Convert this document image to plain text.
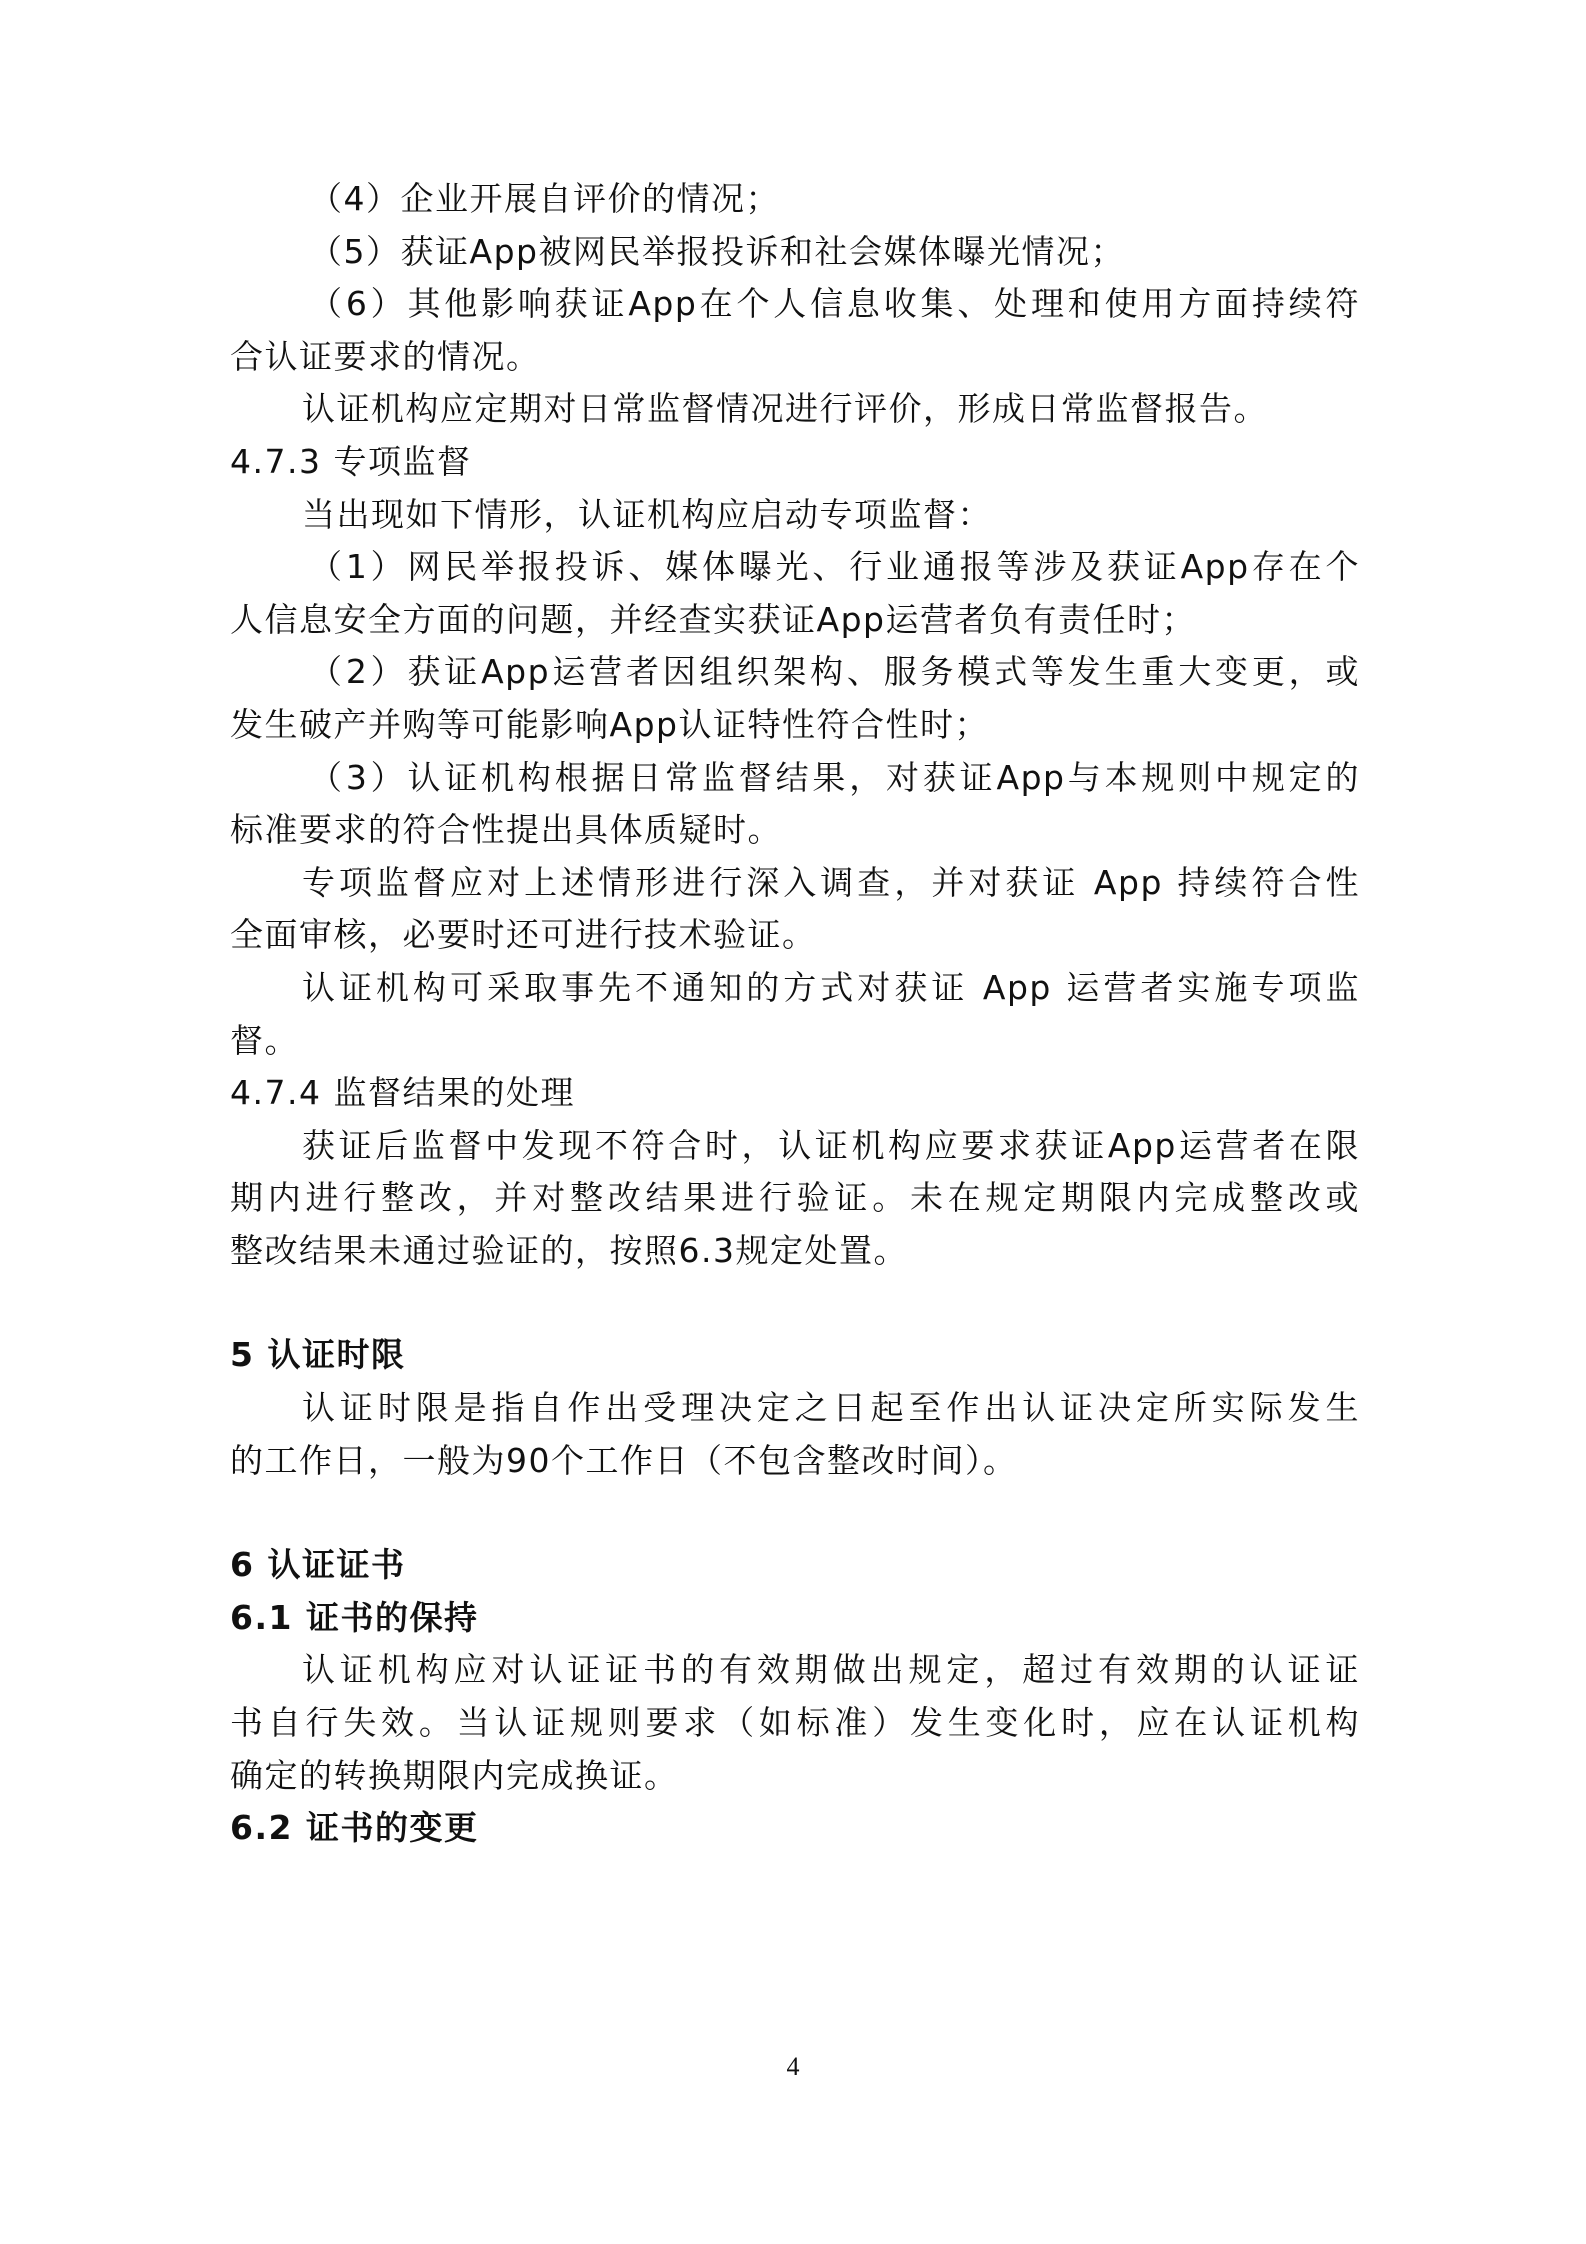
（4）企业开展自评价的情况；
（5）获证App被网民举报投诉和社会媒体曝光情况；
（6）其他影响获证App在个人信息收集、处理和使用方面持续符
合认证要求的情况。
认证机构应定期对日常监督情况进行评价，形成日常监督报告。
4.7.3 专项监督
当出现如下情形，认证机构应启动专项监督：
（1）网民举报投诉、媒体曝光、行业通报等涉及获证App存在个
人信息安全方面的问题，并经查实获证App运营者负有责任时；
（2）获证App运营者因组织架构、服务模式等发生重大变更，或
发生破产并购等可能影响App认证特性符合性时；
（3）认证机构根据日常监督结果，对获证App与本规则中规定的
标准要求的符合性提出具体质疑时。
专项监督应对上述情形进行深入调查，并对获证 App 持续符合性
全面审核，必要时还可进行技术验证。
认证机构可采取事先不通知的方式对获证 App 运营者实施专项监
督。
4.7.4 监督结果的处理
获证后监督中发现不符合时，认证机构应要求获证App运营者在限
期内进行整改，并对整改结果进行验证。未在规定期限内完成整改或
整改结果未通过验证的，按照6.3规定处置。
5 认证时限
认证时限是指自作出受理决定之日起至作出认证决定所实际发生
的工作日，一般为90个工作日（不包含整改时间）。
6 认证证书
6.1 证书的保持
认证机构应对认证证书的有效期做出规定，超过有效期的认证证
书自行失效。当认证规则要求（如标准）发生变化时，应在认证机构
确定的转换期限内完成换证。
6.2 证书的变更
4
